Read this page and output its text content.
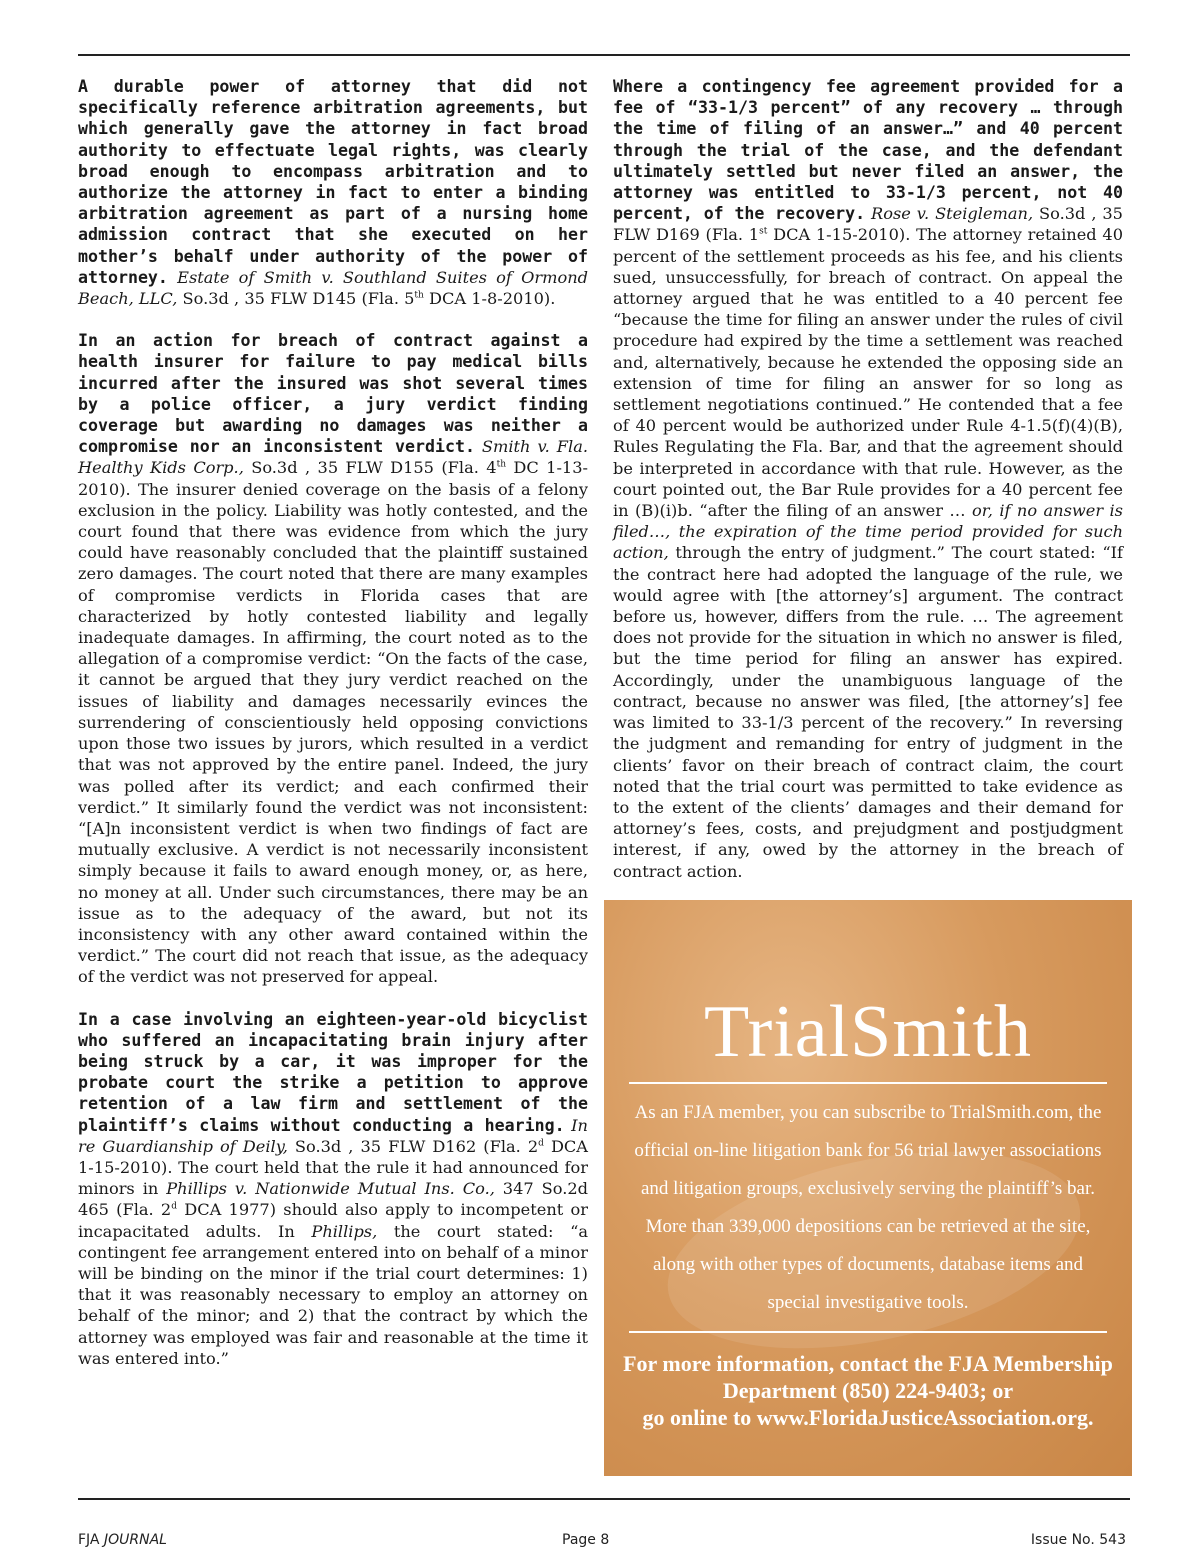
A durable power of attorney that did not specifically reference arbitration agreements, but which generally gave the attorney in fact broad authority to effectuate legal rights, was clearly broad enough to encompass arbitration and to authorize the attorney in fact to enter a binding arbitration agreement as part of a nursing home admission contract that she executed on her mother’s behalf under authority of the power of attorney. Estate of Smith v. Southland Suites of Ormond Beach, LLC, So.3d , 35 FLW D145 (Fla. 5th DCA 1-8-2010).

In an action for breach of contract against a health insurer for failure to pay medical bills incurred after the insured was shot several times by a police officer, a jury verdict finding coverage but awarding no damages was neither a compromise nor an inconsistent verdict. Smith v. Fla. Healthy Kids Corp., So.3d , 35 FLW D155 (Fla. 4th DC 1-13-2010). The insurer denied coverage on the basis of a felony exclusion in the policy. Liability was hotly contested, and the court found that there was evidence from which the jury could have reasonably concluded that the plaintiff sustained zero damages. The court noted that there are many examples of compromise verdicts in Florida cases that are characterized by hotly contested liability and legally inadequate damages. In affirming, the court noted as to the allegation of a compromise verdict: “On the facts of the case, it cannot be argued that they jury verdict reached on the issues of liability and damages necessarily evinces the surrendering of conscientiously held opposing convictions upon those two issues by jurors, which resulted in a verdict that was not approved by the entire panel. Indeed, the jury was polled after its verdict; and each confirmed their verdict.” It similarly found the verdict was not inconsistent: “[A]n inconsistent verdict is when two findings of fact are mutually exclusive. A verdict is not necessarily inconsistent simply because it fails to award enough money, or, as here, no money at all. Under such circumstances, there may be an issue as to the adequacy of the award, but not its inconsistency with any other award contained within the verdict.” The court did not reach that issue, as the adequacy of the verdict was not preserved for appeal.

In a case involving an eighteen-year-old bicyclist who suffered an incapacitating brain injury after being struck by a car, it was improper for the probate court the strike a petition to approve retention of a law firm and settlement of the plaintiff’s claims without conducting a hearing. In re Guardianship of Deily, So.3d , 35 FLW D162 (Fla. 2$^d$ DCA 1-15-2010). The court held that the rule it had announced for minors in Phillips v. Nationwide Mutual Ins. Co., 347 So.2d 465 (Fla. 2$^d$ DCA 1977) should also apply to incompetent or incapacitated adults. In Phillips, the court stated: “a contingent fee arrangement entered into on behalf of a minor will be binding on the minor if the trial court determines: 1) that it was reasonably necessary to employ an attorney on behalf of the minor; and 2) that the contract by which the attorney was employed was fair and reasonable at the time it was entered into.”

Where a contingency fee agreement provided for a fee of “33-1/3 percent” of any recovery … through the time of filing of an answer…” and 40 percent through the trial of the case, and the defendant ultimately settled but never filed an answer, the attorney was entitled to 33-1/3 percent, not 40 percent, of the recovery. Rose v. Steigleman, So.3d , 35 FLW D169 (Fla. 1st DCA 1-15-2010). The attorney retained 40 percent of the settlement proceeds as his fee, and his clients sued, unsuccessfully, for breach of contract. On appeal the attorney argued that he was entitled to a 40 percent fee “because the time for filing an answer under the rules of civil procedure had expired by the time a settlement was reached and, alternatively, because he extended the opposing side an extension of time for filing an answer for so long as settlement negotiations continued.” He contended that a fee of 40 percent would be authorized under Rule 4-1.5(f)(4)(B), Rules Regulating the Fla. Bar, and that the agreement should be interpreted in accordance with that rule. However, as the court pointed out, the Bar Rule provides for a 40 percent fee in (B)(i)b. “after the filing of an answer … or, if no answer is filed…, the expiration of the time period provided for such action, through the entry of judgment.” The court stated: “If the contract here had adopted the language of the rule, we would agree with [the attorney’s] argument. The contract before us, however, differs from the rule. … The agreement does not provide for the situation in which no answer is filed, but the time period for filing an answer has expired. Accordingly, under the unambiguous language of the contract, because no answer was filed, [the attorney’s] fee was limited to 33-1/3 percent of the recovery.” In reversing the judgment and remanding for entry of judgment in the clients’ favor on their breach of contract claim, the court noted that the trial court was permitted to take evidence as to the extent of the clients’ damages and their demand for attorney’s fees, costs, and prejudgment and postjudgment interest, if any, owed by the attorney in the breach of contract action.

TrialSmith
As an FJA member, you can subscribe to TrialSmith.com, the official on-line litigation bank for 56 trial lawyer associations and litigation groups, exclusively serving the plaintiff’s bar. More than 339,000 depositions can be retrieved at the site, along with other types of documents, database items and special investigative tools.
For more information, contact the FJA Membership
Department (850) 224-9403; or
go online to www.FloridaJusticeAssociation.org.
FJA JOURNAL	Page 8	Issue No. 543
